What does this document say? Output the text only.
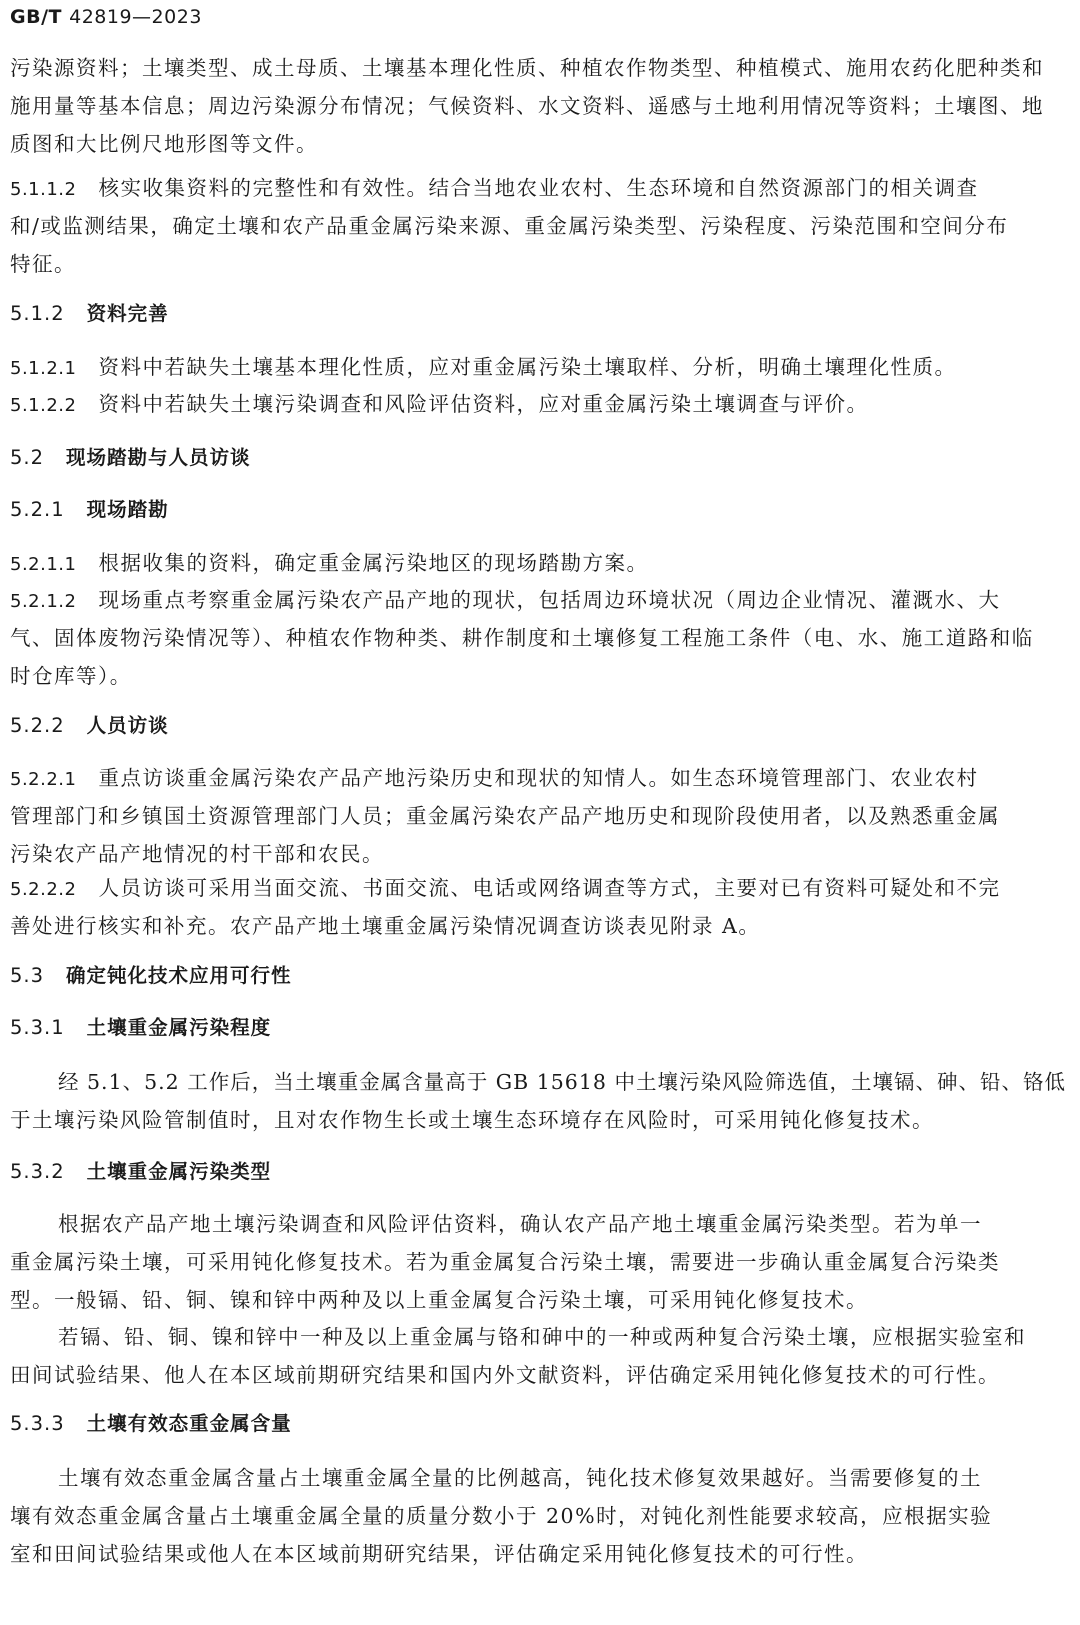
GB/T 42819—2023
污染源资料；土壤类型、成土母质、土壤基本理化性质、种植农作物类型、种植模式、施用农药化肥种类和
施用量等基本信息；周边污染源分布情况；气候资料、水文资料、遥感与土地利用情况等资料；土壤图、地
质图和大比例尺地形图等文件。
5.1.1.2 核实收集资料的完整性和有效性。结合当地农业农村、生态环境和自然资源部门的相关调查
和/或监测结果，确定土壤和农产品重金属污染来源、重金属污染类型、污染程度、污染范围和空间分布
特征。
5.1.2 资料完善
5.1.2.1 资料中若缺失土壤基本理化性质，应对重金属污染土壤取样、分析，明确土壤理化性质。
5.1.2.2 资料中若缺失土壤污染调查和风险评估资料，应对重金属污染土壤调查与评价。
5.2 现场踏勘与人员访谈
5.2.1 现场踏勘
5.2.1.1 根据收集的资料，确定重金属污染地区的现场踏勘方案。
5.2.1.2 现场重点考察重金属污染农产品产地的现状，包括周边环境状况（周边企业情况、灌溉水、大
气、固体废物污染情况等）、种植农作物种类、耕作制度和土壤修复工程施工条件（电、水、施工道路和临
时仓库等）。
5.2.2 人员访谈
5.2.2.1 重点访谈重金属污染农产品产地污染历史和现状的知情人。如生态环境管理部门、农业农村
管理部门和乡镇国土资源管理部门人员；重金属污染农产品产地历史和现阶段使用者，以及熟悉重金属
污染农产品产地情况的村干部和农民。
5.2.2.2 人员访谈可采用当面交流、书面交流、电话或网络调查等方式，主要对已有资料可疑处和不完
善处进行核实和补充。农产品产地土壤重金属污染情况调查访谈表见附录 A。
5.3 确定钝化技术应用可行性
5.3.1 土壤重金属污染程度
经 5.1、5.2 工作后，当土壤重金属含量高于 GB 15618 中土壤污染风险筛选值，土壤镉、砷、铅、铬低
于土壤污染风险管制值时，且对农作物生长或土壤生态环境存在风险时，可采用钝化修复技术。
5.3.2 土壤重金属污染类型
根据农产品产地土壤污染调查和风险评估资料，确认农产品产地土壤重金属污染类型。若为单一
重金属污染土壤，可采用钝化修复技术。若为重金属复合污染土壤，需要进一步确认重金属复合污染类
型。一般镉、铅、铜、镍和锌中两种及以上重金属复合污染土壤，可采用钝化修复技术。
若镉、铅、铜、镍和锌中一种及以上重金属与铬和砷中的一种或两种复合污染土壤，应根据实验室和
田间试验结果、他人在本区域前期研究结果和国内外文献资料，评估确定采用钝化修复技术的可行性。
5.3.3 土壤有效态重金属含量
土壤有效态重金属含量占土壤重金属全量的比例越高，钝化技术修复效果越好。当需要修复的土
壤有效态重金属含量占土壤重金属全量的质量分数小于 20%时，对钝化剂性能要求较高，应根据实验
室和田间试验结果或他人在本区域前期研究结果，评估确定采用钝化修复技术的可行性。
